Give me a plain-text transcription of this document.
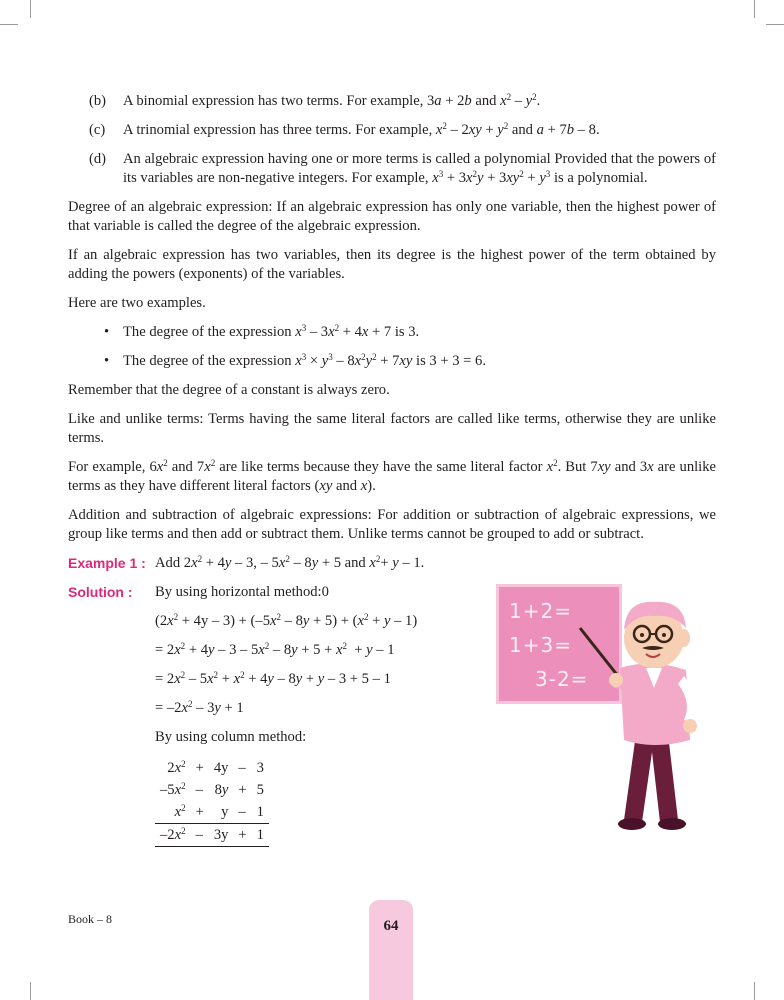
(b) A binomial expression has two terms. For example, 3a + 2b and $x^2 - y^2$.

(c) A trinomial expression has three terms. For example, $x^2 - 2xy + y^2$ and a + 7b – 8.

(d) An algebraic expression having one or more terms is called a polynomial Provided that the powers of its variables are non-negative integers. For example, $x^3 + 3x^2y + 3xy^2 + y^3$ is a polynomial.

Degree of an algebraic expression: If an algebraic expression has only one variable, then the highest power of that variable is called the degree of the algebraic expression.

If an algebraic expression has two variables, then its degree is the highest power of the term obtained by adding the powers (exponents) of the variables.

Here are two examples.

• The degree of the expression $x^3 - 3x^2 + 4x + 7$ is 3.

• The degree of the expression $x^3 \times y^3 - 8x^2y^2 + 7xy$ is 3 + 3 = 6.

Remember that the degree of a constant is always zero.

Like and unlike terms: Terms having the same literal factors are called like terms, otherwise they are unlike terms.

For example, $6x^2$ and $7x^2$ are like terms because they have the same literal factor $x^2$. But 7xy and 3x are unlike terms as they have different literal factors (xy and x).

Addition and subtraction of algebraic expressions: For addition or subtraction of algebraic expressions, we group like terms and then add or subtract them. Unlike terms cannot be grouped to add or subtract.

Example 1 : Add $2x^2 + 4y - 3$, – $5x^2 - 8y + 5$ and $x^2+ y - 1$.
Solution : By using horizontal method:0
$(2x^2 + 4y - 3) + (-5x^2 - 8y + 5) + (x^2 + y - 1)$
= $2x^2 + 4y - 3 - 5x^2 - 8y + 5 + x^2 + y - 1$
= $2x^2 - 5x^2 + x^2 + 4y - 8y + y - 3 + 5 - 1$
= $-2x^2 - 3y + 1$
By using column method:
$2x^2$	+	4y	–	3
$-5x^2$	–	8y	+	5
$x^2$	+	y	–	1
$-2x^2$	–	3y	+	1
1+2=
1+3=
3-2=
Book – 8	64
